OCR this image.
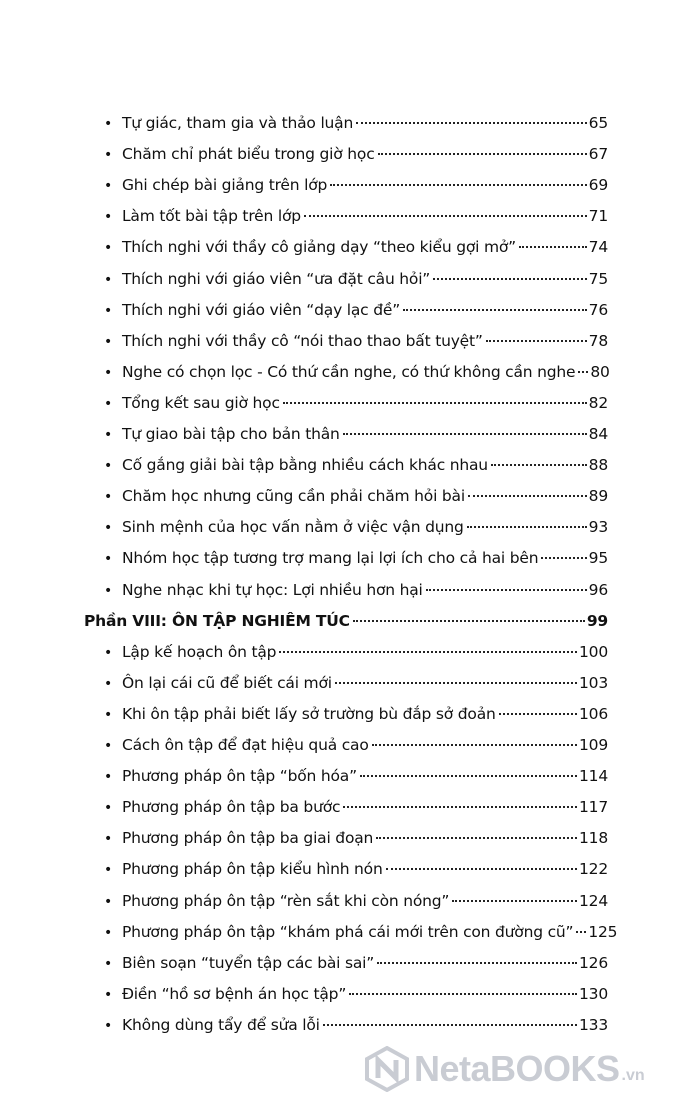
• Tự giác, tham gia và thảo luận	65
• Chăm chỉ phát biểu trong giờ học	67
• Ghi chép bài giảng trên lớp	69
• Làm tốt bài tập trên lớp	71
• Thích nghi với thầy cô giảng dạy “theo kiểu gợi mở”	74
• Thích nghi với giáo viên “ưa đặt câu hỏi”	75
• Thích nghi với giáo viên “dạy lạc đề”	76
• Thích nghi với thầy cô “nói thao thao bất tuyệt”	78
• Nghe có chọn lọc - Có thứ cần nghe, có thứ không cần nghe 80
• Tổng kết sau giờ học	82
• Tự giao bài tập cho bản thân	84
• Cố gắng giải bài tập bằng nhiều cách khác nhau	88
• Chăm học nhưng cũng cần phải chăm hỏi bài	89
• Sinh mệnh của học vấn nằm ở việc vận dụng	93
• Nhóm học tập tương trợ mang lại lợi ích cho cả hai bên	95
• Nghe nhạc khi tự học: Lợi nhiều hơn hại	96
Phần VIII: ÔN TẬP NGHIÊM TÚC	99
• Lập kế hoạch ôn tập	100
• Ôn lại cái cũ để biết cái mới	103
• Khi ôn tập phải biết lấy sở trường bù đắp sở đoản	106
• Cách ôn tập để đạt hiệu quả cao	109
• Phương pháp ôn tập “bốn hóa”	114
• Phương pháp ôn tập ba bước	117
• Phương pháp ôn tập ba giai đoạn	118
• Phương pháp ôn tập kiểu hình nón	122
• Phương pháp ôn tập “rèn sắt khi còn nóng”	124
• Phương pháp ôn tập “khám phá cái mới trên con đường cũ” 125
• Biên soạn “tuyển tập các bài sai”	126
• Điền “hồ sơ bệnh án học tập”	130
• Không dùng tẩy để sửa lỗi	133
NetaBOOKS .vn
